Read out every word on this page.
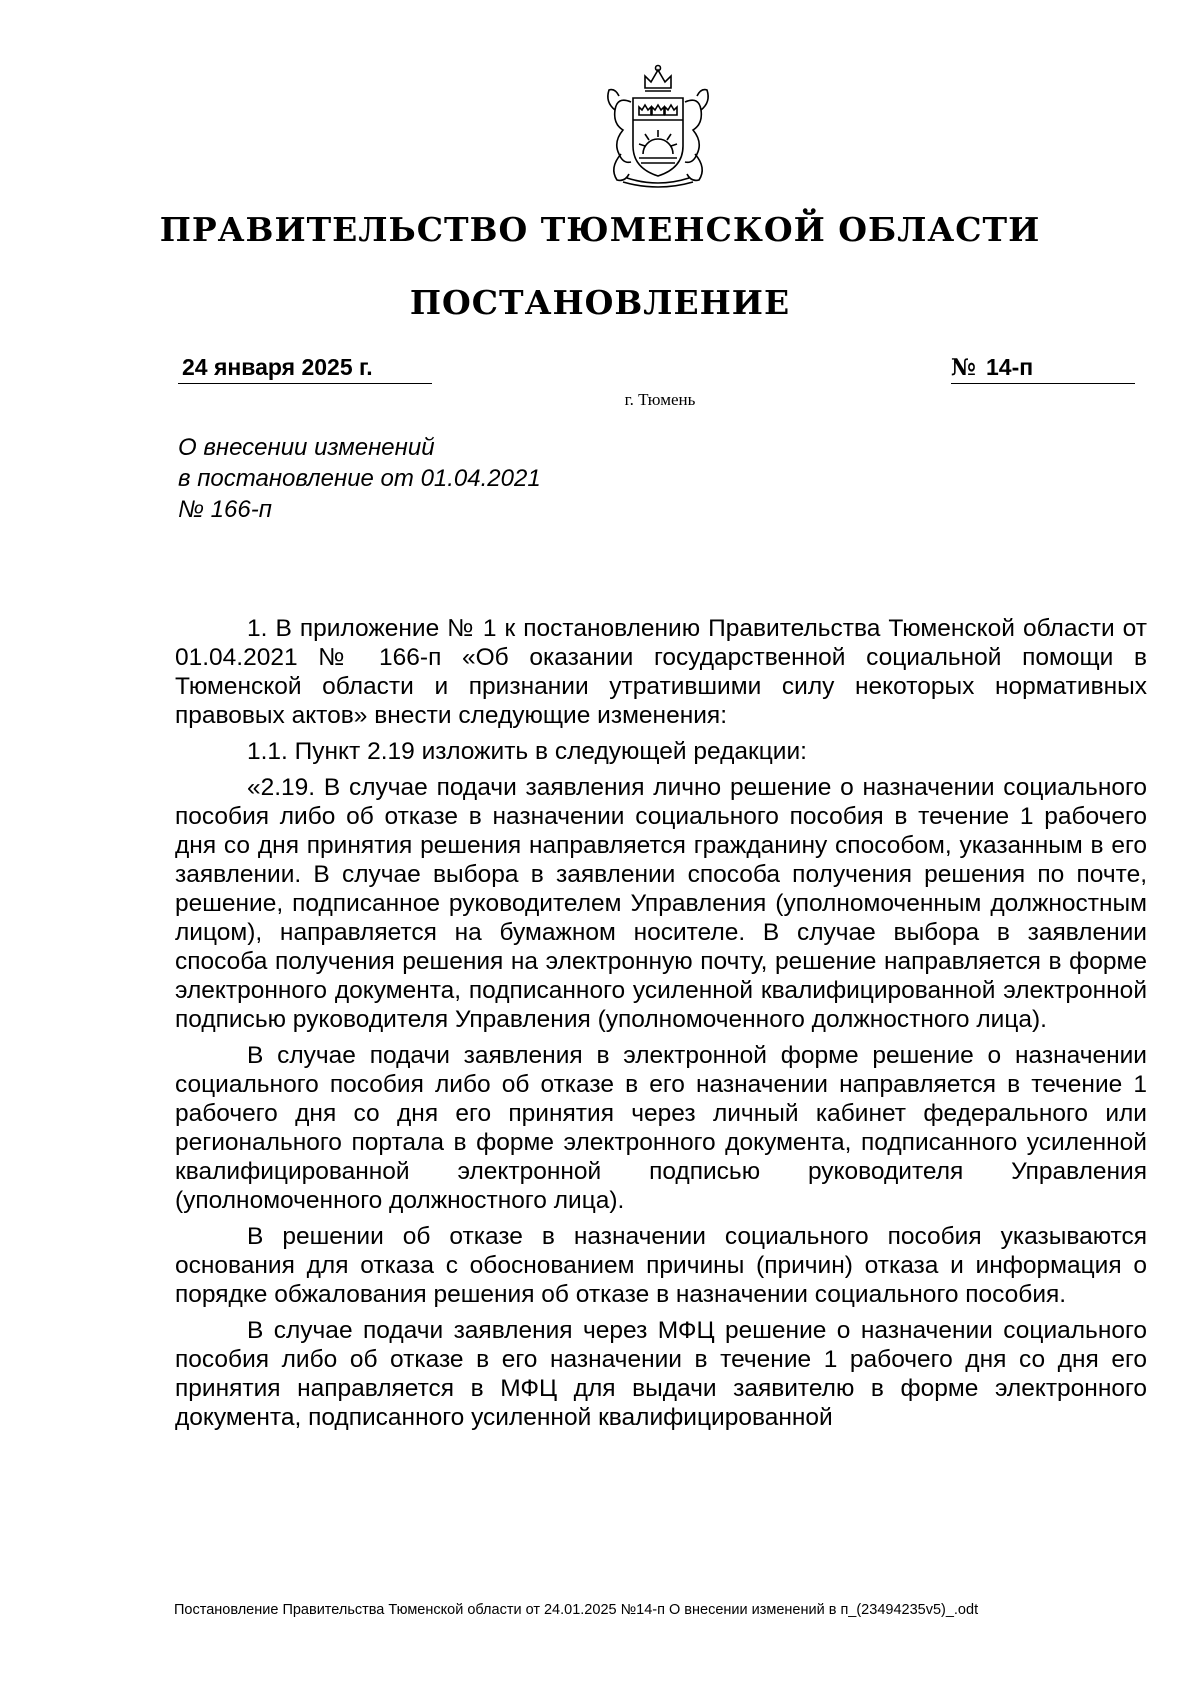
ПРАВИТЕЛЬСТВО ТЮМЕНСКОЙ ОБЛАСТИ
ПОСТАНОВЛЕНИЕ
24 января 2025 г.	№ 14-п
г. Тюмень
О внесении изменений
в постановление от 01.04.2021
№ 166-п

1. В приложение № 1 к постановлению Правительства Тюменской области от 01.04.2021 № 166-п «Об оказании государственной социальной помощи в Тюменской области и признании утратившими силу некоторых нормативных правовых актов» внести следующие изменения:

1.1. Пункт 2.19 изложить в следующей редакции:

«2.19. В случае подачи заявления лично решение о назначении социального пособия либо об отказе в назначении социального пособия в течение 1 рабочего дня со дня принятия решения направляется гражданину способом, указанным в его заявлении. В случае выбора в заявлении способа получения решения по почте, решение, подписанное руководителем Управления (уполномоченным должностным лицом), направляется на бумажном носителе. В случае выбора в заявлении способа получения решения на электронную почту, решение направляется в форме электронного документа, подписанного усиленной квалифицированной электронной подписью руководителя Управления (уполномоченного должностного лица).

В случае подачи заявления в электронной форме решение о назначении социального пособия либо об отказе в его назначении направляется в течение 1 рабочего дня со дня его принятия через личный кабинет федерального или регионального портала в форме электронного документа, подписанного усиленной квалифицированной электронной подписью руководителя Управления (уполномоченного должностного лица).

В решении об отказе в назначении социального пособия указываются основания для отказа с обоснованием причины (причин) отказа и информация о порядке обжалования решения об отказе в назначении социального пособия.

В случае подачи заявления через МФЦ решение о назначении социального пособия либо об отказе в его назначении в течение 1 рабочего дня со дня его принятия направляется в МФЦ для выдачи заявителю в форме электронного документа, подписанного усиленной квалифицированной

Постановление Правительства Тюменской области от 24.01.2025 №14-п О внесении изменений в п_(23494235v5)_.odt
